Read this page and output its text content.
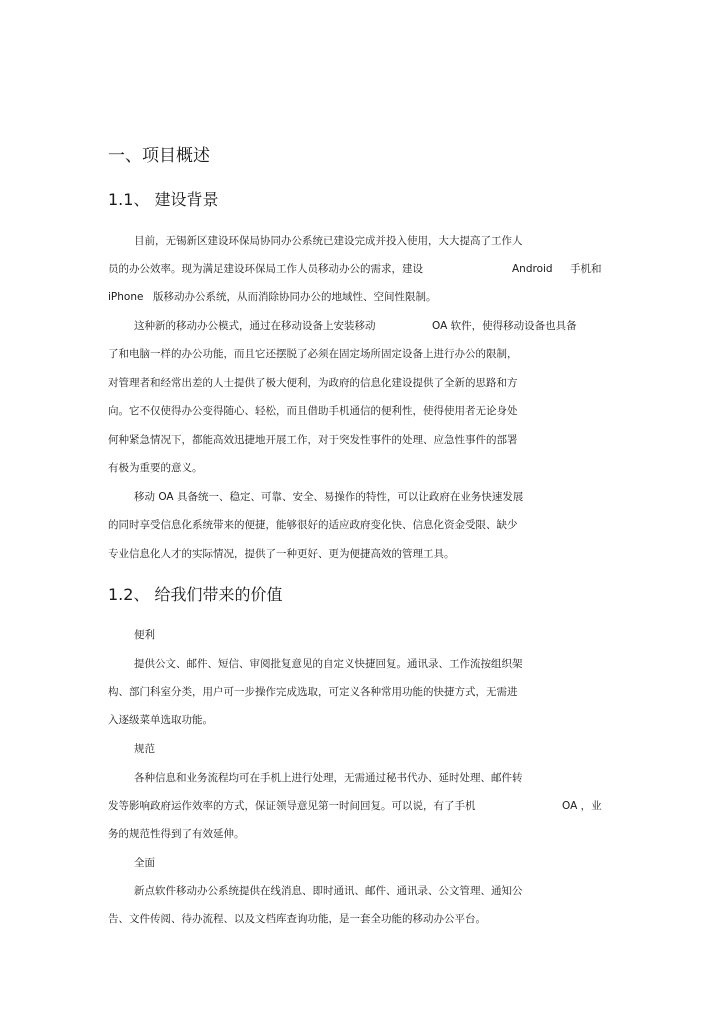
一、项目概述
1.1、 建设背景
目前，无锡新区建设环保局协同办公系统已建设完成并投入使用，大大提高了工作人
员的办公效率。现为满足建设环保局工作人员移动办公的需求，建设	Android 手机和
iPhone 版移动办公系统，从而消除协同办公的地域性、空间性限制。
这种新的移动办公模式，通过在移动设备上安装移动	OA 软件，使得移动设备也具备
了和电脑一样的办公功能，而且它还摆脱了必须在固定场所固定设备上进行办公的限制，
对管理者和经常出差的人士提供了极大便利，为政府的信息化建设提供了全新的思路和方
向。它不仅使得办公变得随心、轻松，而且借助手机通信的便利性，使得使用者无论身处
何种紧急情况下，都能高效迅捷地开展工作，对于突发性事件的处理、应急性事件的部署
有极为重要的意义。
移动 OA 具备统一、稳定、可靠、安全、易操作的特性，可以让政府在业务快速发展
的同时享受信息化系统带来的便捷，能够很好的适应政府变化快、信息化资金受限、缺少
专业信息化人才的实际情况，提供了一种更好、更为便捷高效的管理工具。
1.2、 给我们带来的价值
便利
提供公文、邮件、短信、审阅批复意见的自定义快捷回复。通讯录、工作流按组织架
构、部门科室分类，用户可一步操作完成选取，可定义各种常用功能的快捷方式，无需进
入逐级菜单选取功能。
规范
各种信息和业务流程均可在手机上进行处理，无需通过秘书代办、延时处理、邮件转
发等影响政府运作效率的方式，保证领导意见第一时间回复。可以说，有了手机	OA ，业
务的规范性得到了有效延伸。
全面
新点软件移动办公系统提供在线消息、即时通讯、邮件、通讯录、公文管理、通知公
告、文件传阅、待办流程、以及文档库查询功能，是一套全功能的移动办公平台。
